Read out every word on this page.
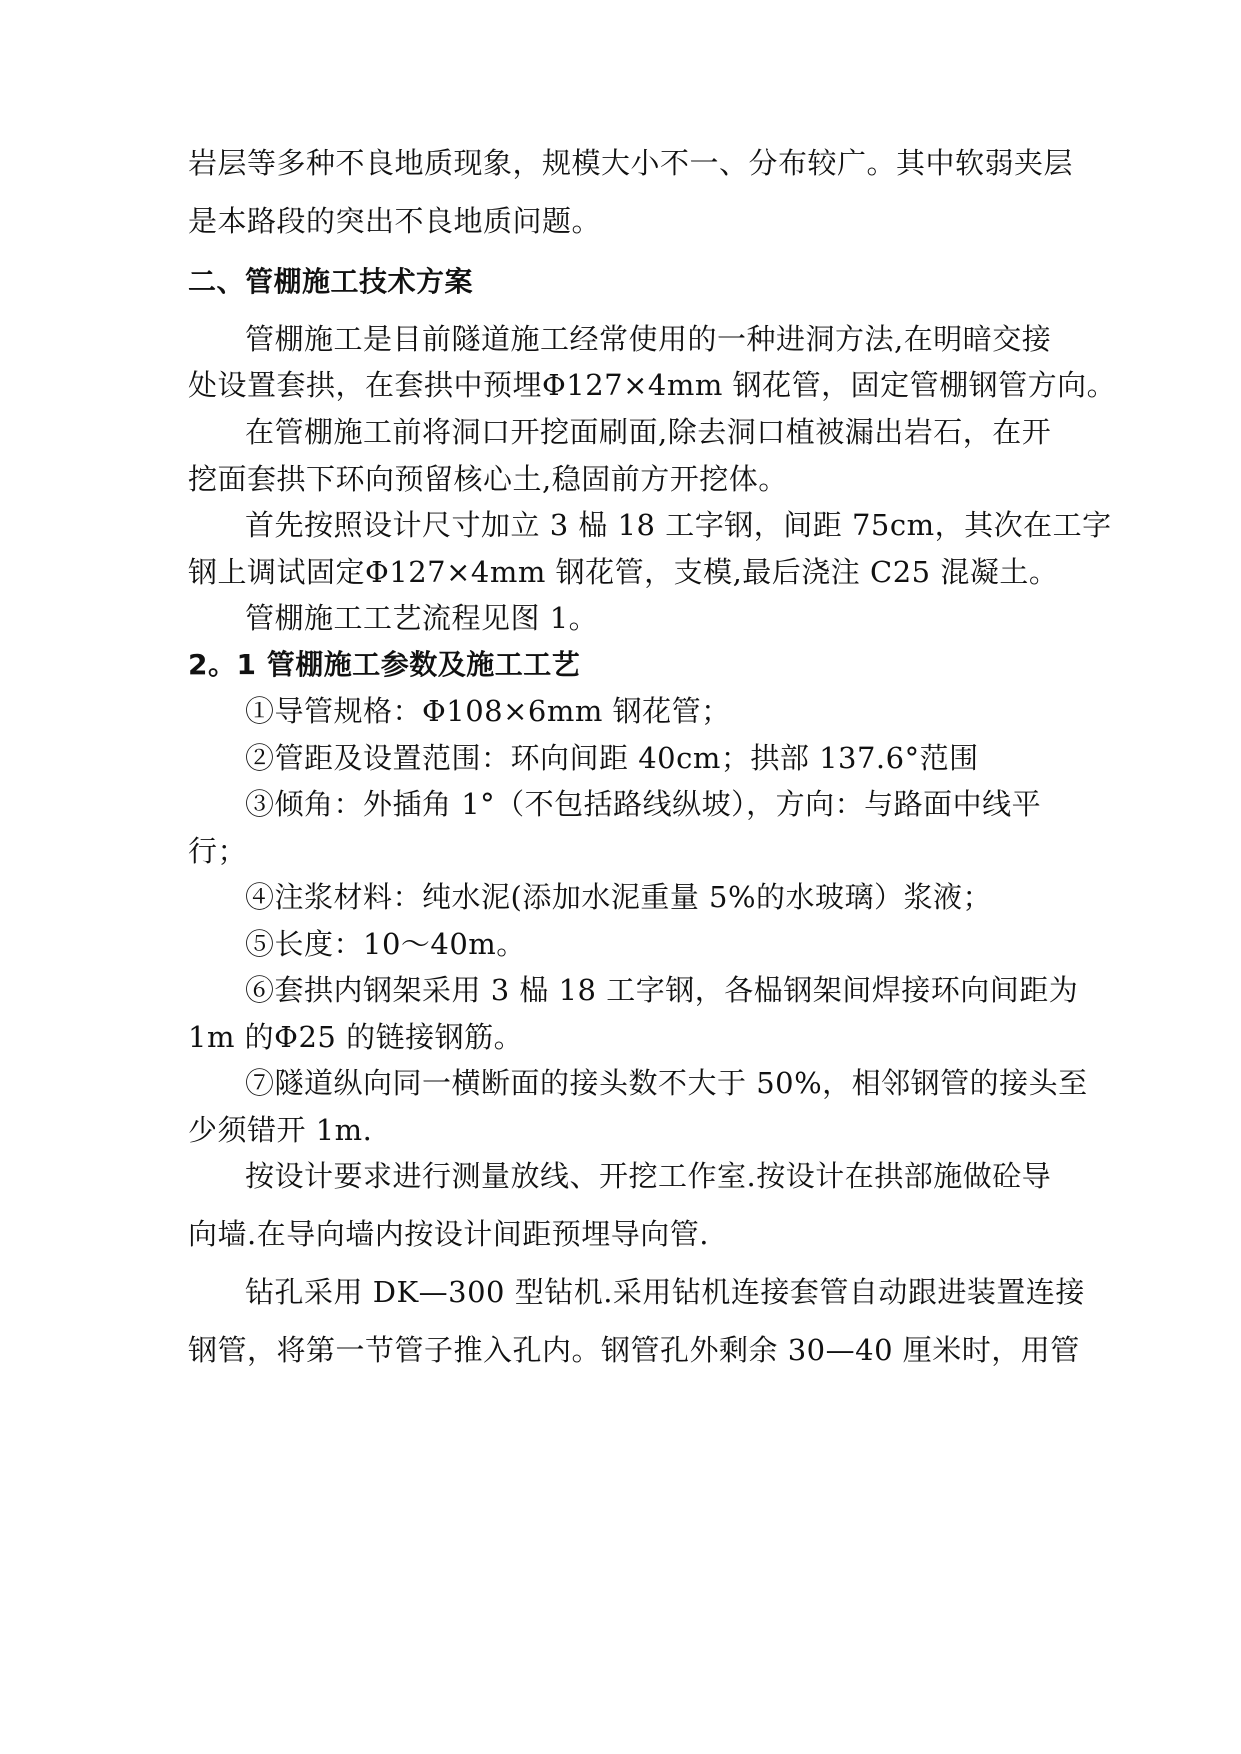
岩层等多种不良地质现象，规模大小不一、分布较广。其中软弱夹层
是本路段的突出不良地质问题。
二、管棚施工技术方案
管棚施工是目前隧道施工经常使用的一种进洞方法,在明暗交接
处设置套拱，在套拱中预埋Φ127×4mm 钢花管，固定管棚钢管方向。
在管棚施工前将洞口开挖面刷面,除去洞口植被漏出岩石，在开
挖面套拱下环向预留核心土,稳固前方开挖体。
首先按照设计尺寸加立 3 榀 18 工字钢，间距 75cm，其次在工字
钢上调试固定Φ127×4mm 钢花管，支模,最后浇注 C25 混凝土。
管棚施工工艺流程见图 1。
2。1 管棚施工参数及施工工艺
①导管规格：Φ108×6mm 钢花管；
②管距及设置范围：环向间距 40cm；拱部 137.6°范围
③倾角：外插角 1°（不包括路线纵坡），方向：与路面中线平
行；
④注浆材料：纯水泥(添加水泥重量 5%的水玻璃）浆液；
⑤长度：10～40m。
⑥套拱内钢架采用 3 榀 18 工字钢，各榀钢架间焊接环向间距为
1m 的Φ25 的链接钢筋。
⑦隧道纵向同一横断面的接头数不大于 50%，相邻钢管的接头至
少须错开 1m.
按设计要求进行测量放线、开挖工作室.按设计在拱部施做砼导
向墙.在导向墙内按设计间距预埋导向管.
钻孔采用 DK—300 型钻机.采用钻机连接套管自动跟进装置连接
钢管，将第一节管子推入孔内。钢管孔外剩余 30—40 厘米时，用管
